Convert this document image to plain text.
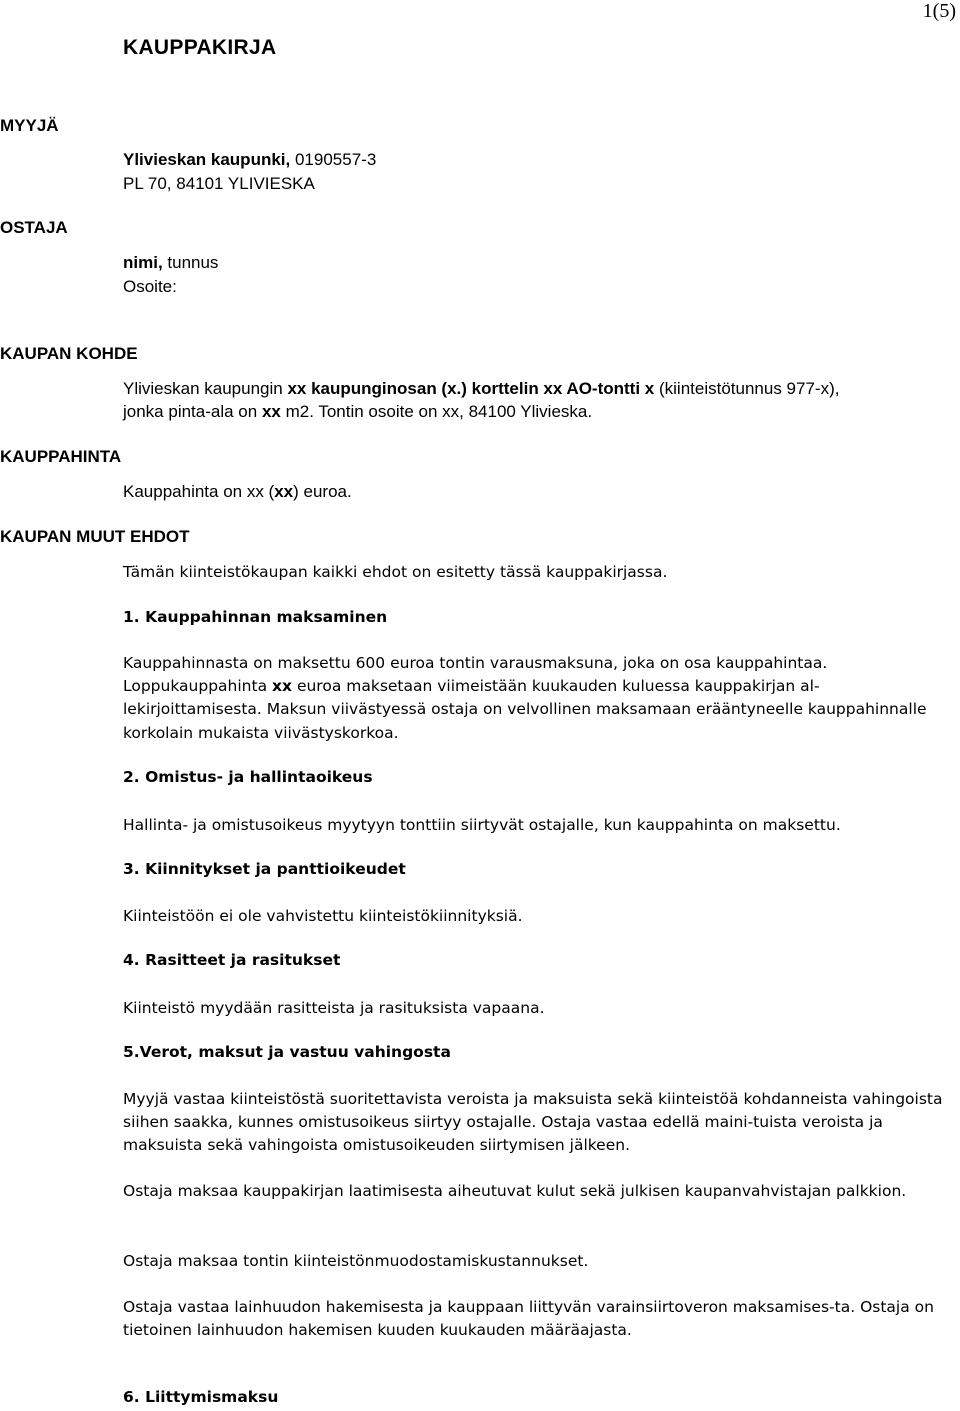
1(5)
KAUPPAKIRJA
MYYJÄ
OSTAJA
KAUPAN KOHDE
KAUPPAHINTA
KAUPAN MUUT EHDOT
Ylivieskan kaupunki, 0190557-3
PL 70, 84101 YLIVIESKA
nimi, tunnus
Osoite:
Ylivieskan kaupungin xx kaupunginosan (x.) korttelin xx AO-tontti x (kiinteistötunnus 977-x),
jonka pinta-ala on xx m2. Tontin osoite on xx, 84100 Ylivieska.
Kauppahinta on xx (xx) euroa.
Tämän kiinteistökaupan kaikki ehdot on esitetty tässä kauppakirjassa.
1. Kauppahinnan maksaminen
Kauppahinnasta on maksettu 600 euroa tontin varausmaksuna, joka on osa kauppahintaa. Loppukauppahinta xx euroa maksetaan viimeistään kuukauden kuluessa kauppakirjan al-lekirjoittamisesta. Maksun viivästyessä ostaja on velvollinen maksamaan erääntyneelle kauppahinnalle korkolain mukaista viivästyskorkoa.
2. Omistus- ja hallintaoikeus
Hallinta- ja omistusoikeus myytyyn tonttiin siirtyvät ostajalle, kun kauppahinta on maksettu.
3. Kiinnitykset ja panttioikeudet
Kiinteistöön ei ole vahvistettu kiinteistökiinnityksiä.
4. Rasitteet ja rasitukset
Kiinteistö myydään rasitteista ja rasituksista vapaana.
5.Verot, maksut ja vastuu vahingosta
Myyjä vastaa kiinteistöstä suoritettavista veroista ja maksuista sekä kiinteistöä kohdanneista vahingoista siihen saakka, kunnes omistusoikeus siirtyy ostajalle. Ostaja vastaa edellä maini-tuista veroista ja maksuista sekä vahingoista omistusoikeuden siirtymisen jälkeen.
Ostaja maksaa kauppakirjan laatimisesta aiheutuvat kulut sekä julkisen kaupanvahvistajan palkkion.
Ostaja maksaa tontin kiinteistönmuodostamiskustannukset.
Ostaja vastaa lainhuudon hakemisesta ja kauppaan liittyvän varainsiirtoveron maksamises-ta. Ostaja on tietoinen lainhuudon hakemisen kuuden kuukauden määräajasta.
6. Liittymismaksu
